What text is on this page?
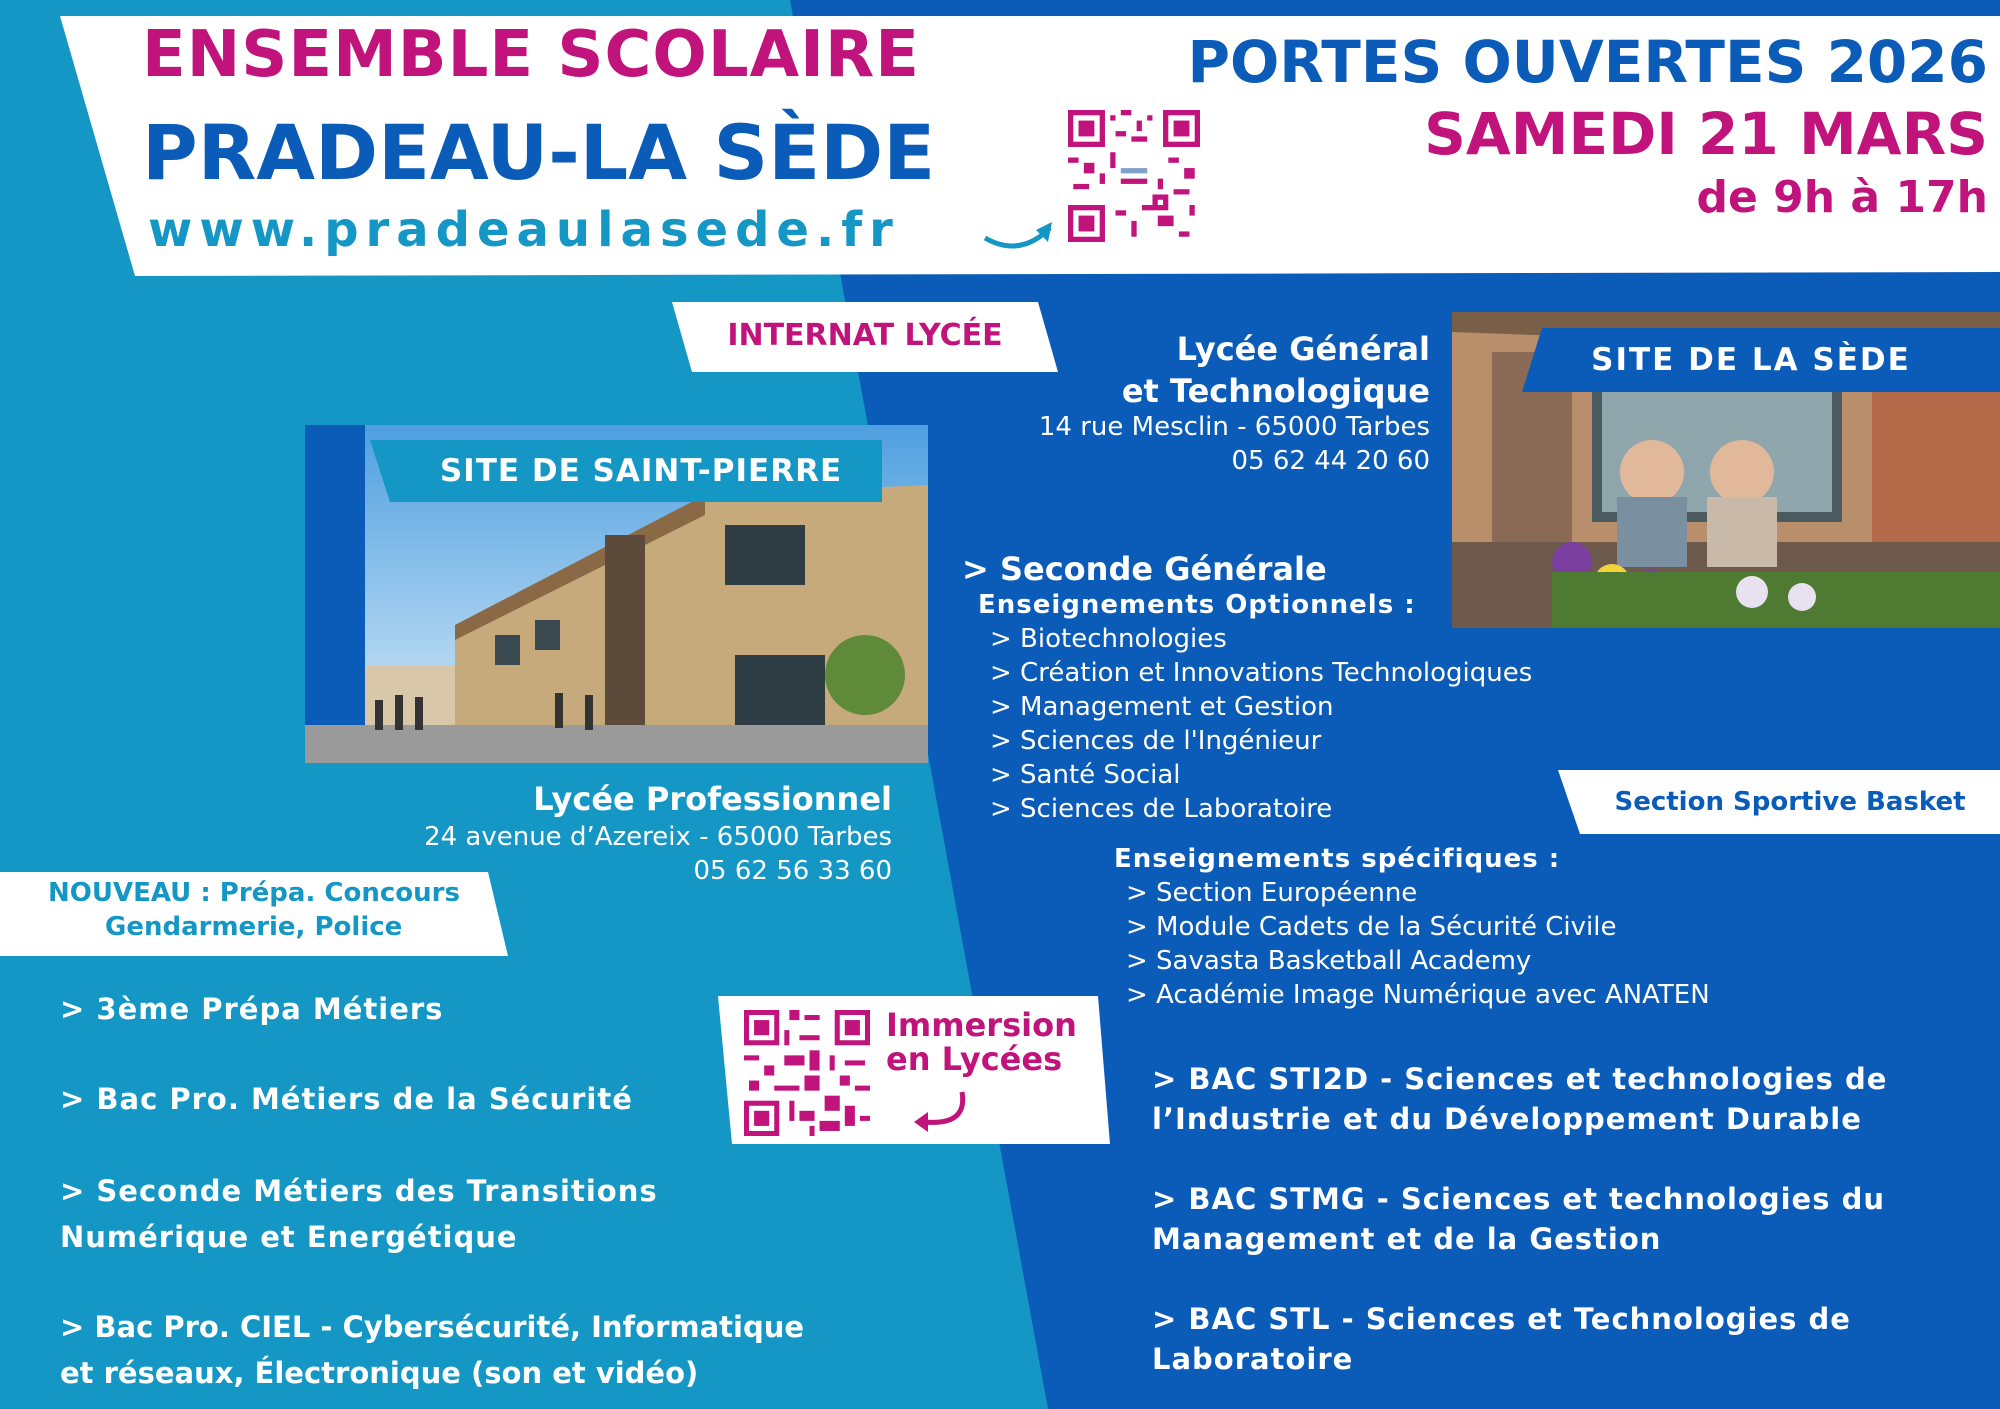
ENSEMBLE SCOLAIRE
PRADEAU-LA SÈDE
www.pradeaulasede.fr
PORTES OUVERTES 2026
SAMEDI 21 MARS
de 9h à 17h
INTERNAT LYCÉE
SITE DE SAINT-PIERRE
Lycée Professionnel
24 avenue d’Azereix - 65000 Tarbes
05 62 56 33 60
NOUVEAU : Prépa. Concours
Gendarmerie, Police
> 3ème Prépa Métiers
> Bac Pro. Métiers de la Sécurité
> Seconde Métiers des Transitions
Numérique et Energétique
> Bac Pro. CIEL - Cybersécurité, Informatique
et réseaux, Électronique (son et vidéo)
Immersion
en Lycées
Lycée Général
et Technologique
14 rue Mesclin - 65000 Tarbes
05 62 44 20 60
SITE DE LA SÈDE
> Seconde Générale
Enseignements Optionnels :
> Biotechnologies
> Création et Innovations Technologiques
> Management et Gestion
> Sciences de l'Ingénieur
> Santé Social
> Sciences de Laboratoire	Section Sportive Basket
Enseignements spécifiques :
> Section Européenne
> Module Cadets de la Sécurité Civile
> Savasta Basketball Academy
> Académie Image Numérique avec ANATEN
> BAC STI2D - Sciences et technologies de
l’Industrie et du Développement Durable
> BAC STMG - Sciences et technologies du
Management et de la Gestion
> BAC STL - Sciences et Technologies de
Laboratoire
